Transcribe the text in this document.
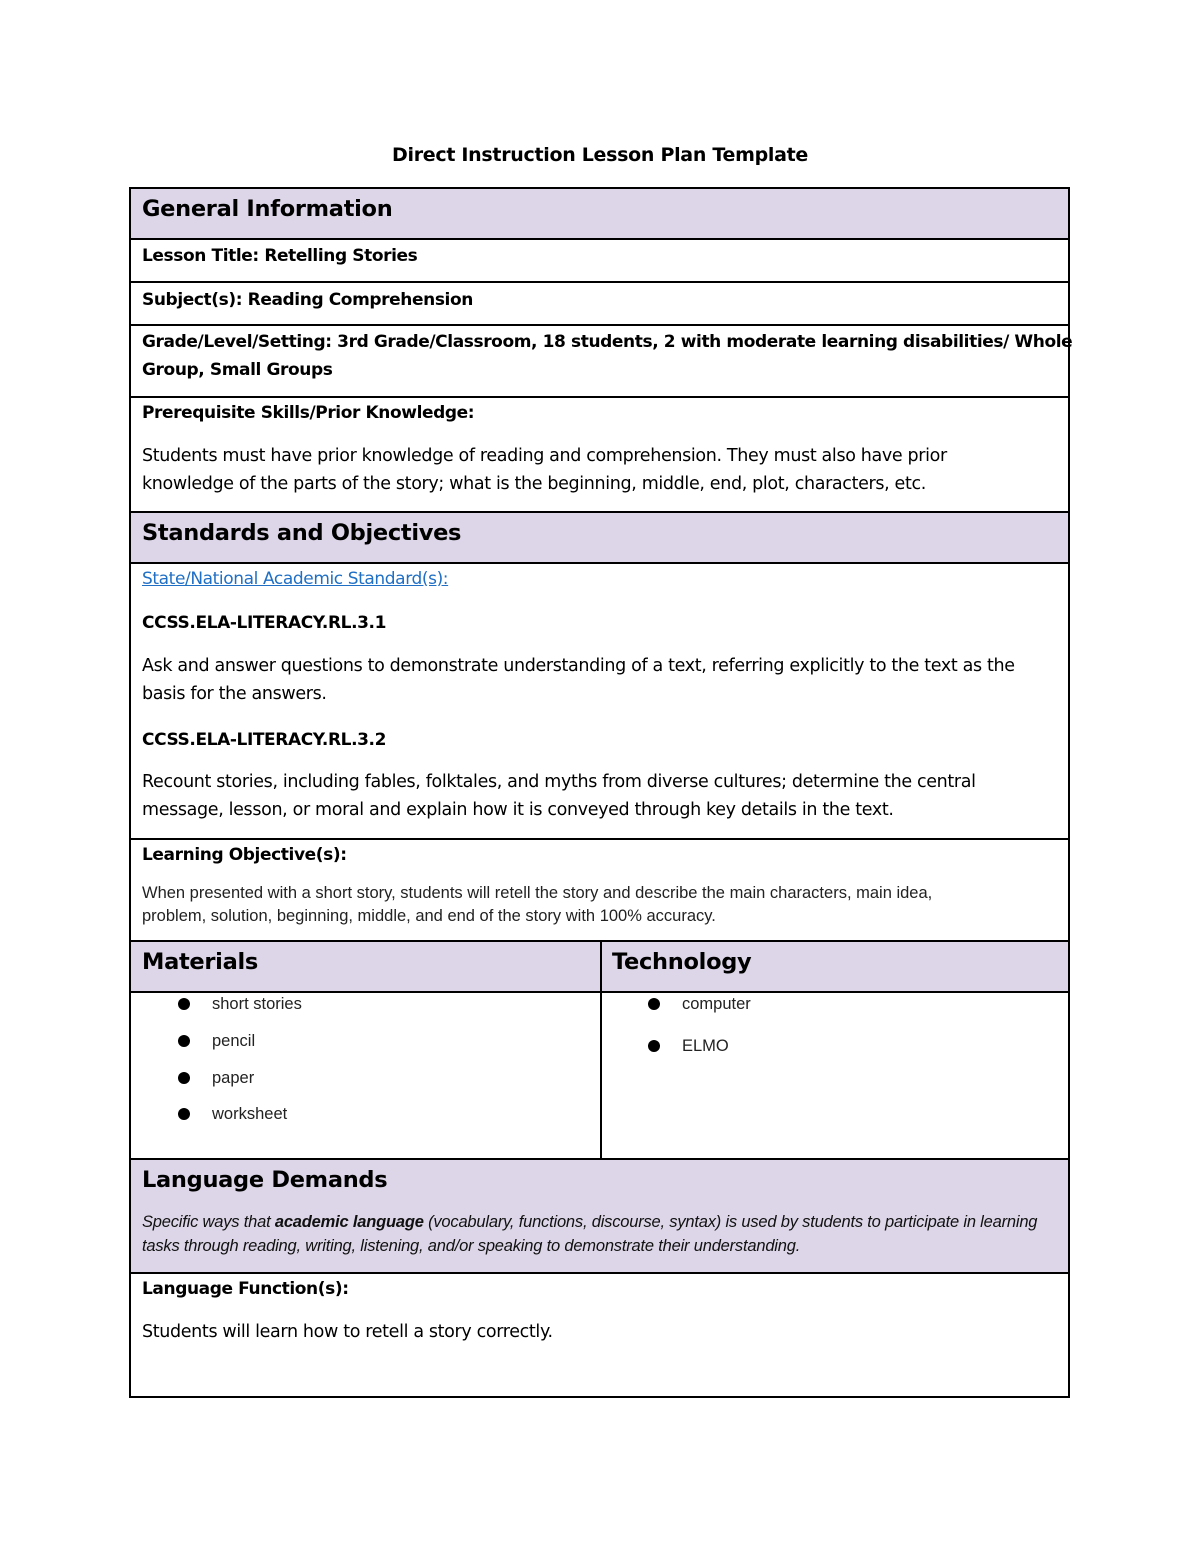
Direct Instruction Lesson Plan Template
General Information
Lesson Title: Retelling Stories
Subject(s): Reading Comprehension
Grade/Level/Setting: 3rd Grade/Classroom, 18 students, 2 with moderate learning disabilities/ Whole
Group, Small Groups
Prerequisite Skills/Prior Knowledge:
Students must have prior knowledge of reading and comprehension. They must also have prior knowledge of the parts of the story; what is the beginning, middle, end, plot, characters, etc.
Standards and Objectives
State/National Academic Standard(s):
CCSS.ELA-LITERACY.RL.3.1
Ask and answer questions to demonstrate understanding of a text, referring explicitly to the text as the basis for the answers.
CCSS.ELA-LITERACY.RL.3.2
Recount stories, including fables, folktales, and myths from diverse cultures; determine the central message, lesson, or moral and explain how it is conveyed through key details in the text.
Learning Objective(s):
When presented with a short story, students will retell the story and describe the main characters, main idea, problem, solution, beginning, middle, and end of the story with 100% accuracy.
Materials	Technology
short stories
pencil
paper
worksheet
computer
ELMO
Language Demands
Specific ways that academic language (vocabulary, functions, discourse, syntax) is used by students to participate in learning tasks through reading, writing, listening, and/or speaking to demonstrate their understanding.
Language Function(s):
Students will learn how to retell a story correctly.
